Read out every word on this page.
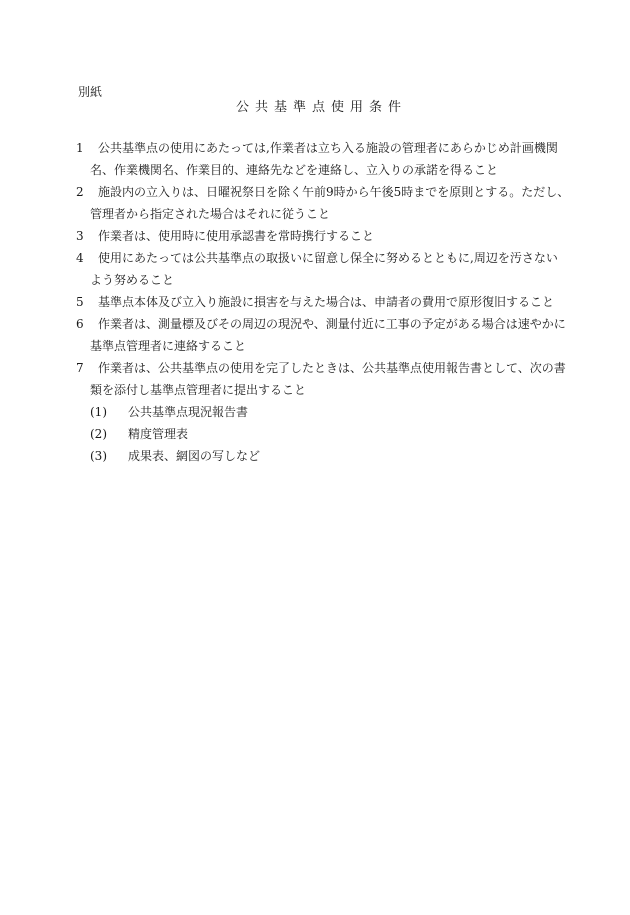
別紙
公共基準点使用条件
1 公共基準点の使用にあたっては,作業者は立ち入る施設の管理者にあらかじめ計画機関
名、作業機関名、作業目的、連絡先などを連絡し、立入りの承諾を得ること
2 施設内の立入りは、日曜祝祭日を除く午前9時から午後5時までを原則とする。ただし、
管理者から指定された場合はそれに従うこと
3 作業者は、使用時に使用承認書を常時携行すること
4 使用にあたっては公共基準点の取扱いに留意し保全に努めるとともに,周辺を汚さない
よう努めること
5 基準点本体及び立入り施設に損害を与えた場合は、申請者の費用で原形復旧すること
6 作業者は、測量標及びその周辺の現況や、測量付近に工事の予定がある場合は速やかに
基準点管理者に連絡すること
7 作業者は、公共基準点の使用を完了したときは、公共基準点使用報告書として、次の書
類を添付し基準点管理者に提出すること
(1) 公共基準点現況報告書
(2) 精度管理表
(3) 成果表、網図の写しなど
